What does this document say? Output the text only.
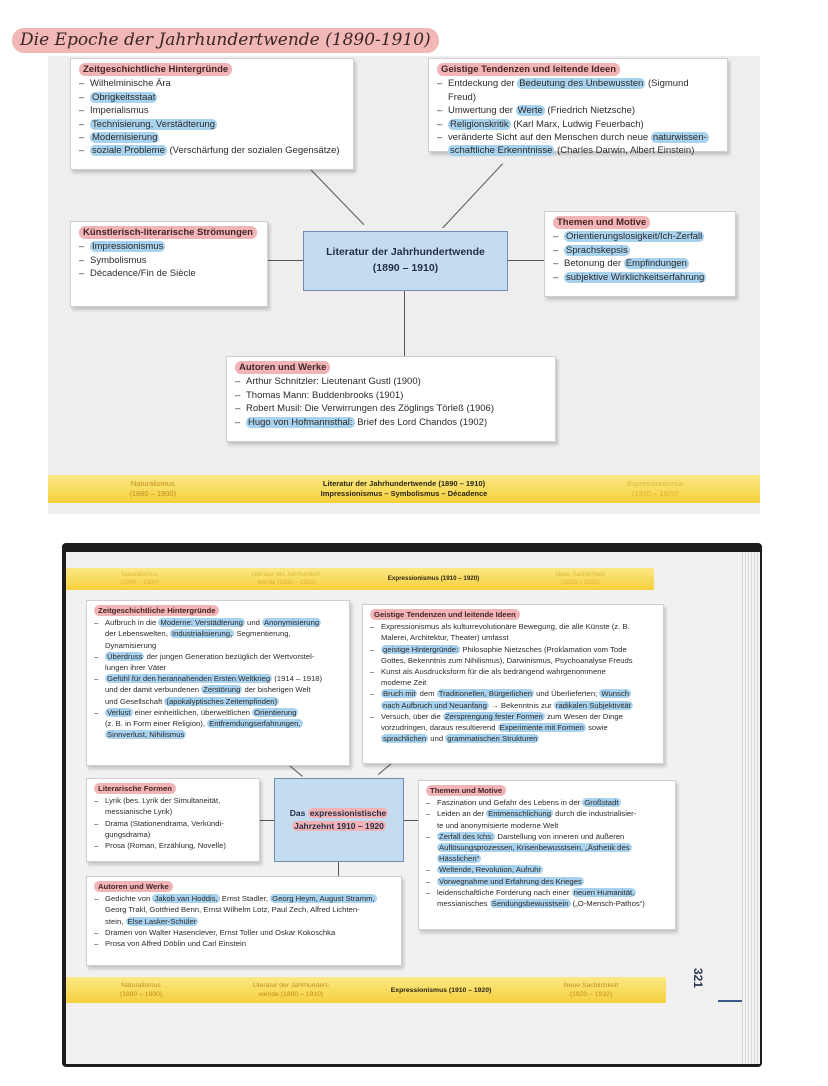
Die Epoche der Jahrhundertwende (1890-1910)
Zeitgeschichtliche Hintergründe
– Wilhelminische Ära
– Obrigkeitsstaat
– Imperialismus
– Technisierung, Verstädterung
– Modernisierung
– soziale Probleme (Verschärfung der sozialen Gegensätze)
Geistige Tendenzen und leitende Ideen
– Entdeckung der Bedeutung des Unbewussten (Sigmund Freud)
– Umwertung der Werte (Friedrich Nietzsche)
– Religionskritik (Karl Marx, Ludwig Feuerbach)
– veränderte Sicht auf den Menschen durch neue naturwissen-
schaftliche Erkenntnisse (Charles Darwin, Albert Einstein)
Künstlerisch-literarische Strömungen
– Impressionismus
– Symbolismus
– Décadence/Fin de Siècle
Literatur der Jahrhundertwende
(1890 – 1910)
Themen und Motive
– Orientierungslosigkeit/Ich-Zerfall
– Sprachskepsis
– Betonung der Empfindungen
– subjektive Wirklichkeitserfahrung
Autoren und Werke
– Arthur Schnitzler: Lieutenant Gustl (1900)
– Thomas Mann: Buddenbrooks (1901)
– Robert Musil: Die Verwirrungen des Zöglings Törleß (1906)
– Hugo von Hofmannsthal: Brief des Lord Chandos (1902)
Naturalismus
(1880 – 1900)
Literatur der Jahrhundertwende (1890 – 1910)
Impressionismus – Symbolismus – Décadence
Expressionismus
(1910 – 1920)
Naturalismus
(1880 – 1900)
Literatur der Jahrhundert-
wende (1890 – 1910)
Expressionismus (1910 – 1920)
Neue Sachlichkeit
(1920 – 1932)
Zeitgeschichtliche Hintergründe
– Aufbruch in die Moderne: Verstädterung und Anonymisierung
der Lebenswelten, Industrialisierung, Segmentierung,
Dynamisierung
– Überdruss der jungen Generation bezüglich der Wertvorstel-
lungen ihrer Väter
– Gefühl für den herannahenden Ersten Weltkrieg (1914 – 1918)
und der damit verbundenen Zerstörung der bisherigen Welt
und Gesellschaft (apokalyptisches Zeitempfinden)
– Verlust einer einheitlichen, überweltlichen Orientierung
(z. B. in Form einer Religion), Entfremdungserfahrungen,
Sinnverlust, Nihilismus
Geistige Tendenzen und leitende Ideen
– Expressionismus als kulturrevolutionäre Bewegung, die alle Künste (z. B.
Malerei, Architektur, Theater) umfasst
– geistige Hintergründe: Philosophie Nietzsches (Proklamation vom Tode
Gottes, Bekenntnis zum Nihilismus), Darwinismus, Psychoanalyse Freuds
– Kunst als Ausdrucksform für die als bedrängend wahrgenommene
moderne Zeit
– Bruch mit dem Traditionellen, Bürgerlichen und Überlieferten; Wunsch
nach Aufbruch und Neuanfang → Bekenntnis zur radikalen Subjektivität
– Versuch, über die Zersprengung fester Formen zum Wesen der Dinge
vorzudringen, daraus resultierend Experimente mit Formen sowie
sprachlichen und grammatischen Strukturen
Literarische Formen
– Lyrik (bes. Lyrik der Simultaneität,
messianische Lyrik)
– Drama (Stationendrama, Verkündi-
gungsdrama)
– Prosa (Roman, Erzählung, Novelle)
Das expressionistische
Jahrzehnt 1910 – 1920
Themen und Motive
– Faszination und Gefahr des Lebens in der Großstadt
– Leiden an der Entmenschlichung durch die industrialisier-
te und anonymisierte moderne Welt
– Zerfall des Ichs: Darstellung von inneren und äußeren
Auflösungsprozessen, Krisenbewusstsein, „Ästhetik des
Hässlichen“
– Weltende, Revolution, Aufruhr
– Vorwegnahme und Erfahrung des Krieges
– leidenschaftliche Forderung nach einer neuen Humanität,
messianisches Sendungsbewusstsein („O-Mensch-Pathos“)
Autoren und Werke
– Gedichte von Jakob van Hoddis, Ernst Stadler, Georg Heym, August Stramm,
Georg Trakl, Gottfried Benn, Ernst Wilhelm Lotz, Paul Zech, Alfred Lichten-
stein, Else Lasker-Schüler
– Dramen von Walter Hasenclever, Ernst Toller und Oskar Kokoschka
– Prosa von Alfred Döblin und Carl Einstein
Naturalismus
(1880 – 1900)
Literatur der Jahrhundert-
wende (1890 – 1910)
Expressionismus (1910 – 1920)
Neue Sachlichkeit
(1920 – 1932)
321
